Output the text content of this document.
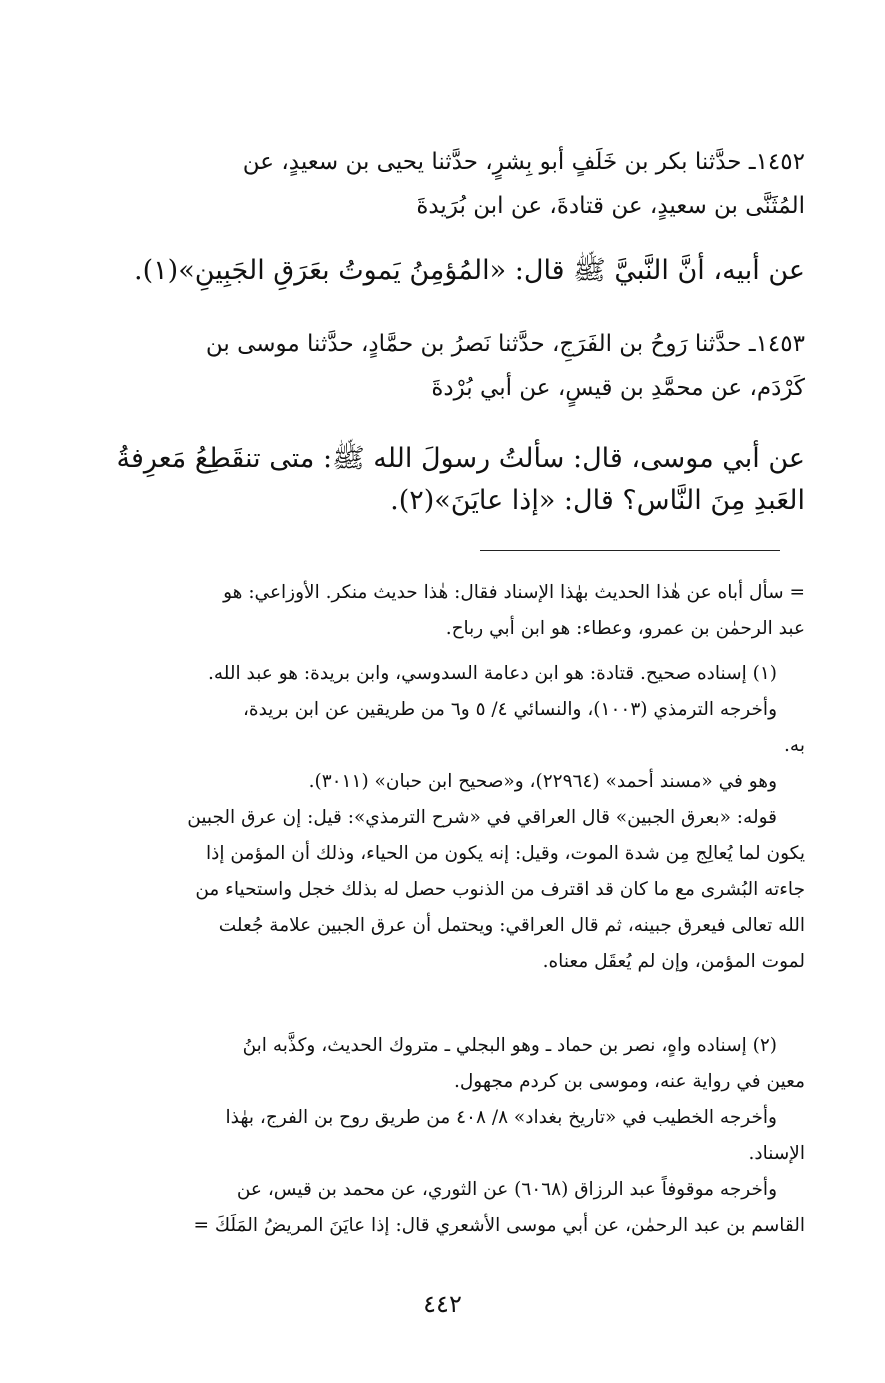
١٤٥٢ـ حدَّثنا بكر بن خَلَفٍ أبو بِشرٍ، حدَّثنا يحيى بن سعيدٍ، عن
المُثَنَّى بن سعيدٍ، عن قتادةَ، عن ابن بُرَيدةَ
عن أبيه، أنَّ النَّبيَّ ﷺ قال: «المُؤمِنُ يَموتُ بعَرَقِ الجَبِينِ»(١).
١٤٥٣ـ حدَّثنا رَوحُ بن الفَرَجِ، حدَّثنا نَصرُ بن حمَّادٍ، حدَّثنا موسى بن
كَرْدَم، عن محمَّدِ بن قيسٍ، عن أبي بُرْدةَ
عن أبي موسى، قال: سألتُ رسولَ الله ﷺ: متى تنقَطِعُ مَعرِفةُ
العَبدِ مِنَ النَّاس؟ قال: «إذا عايَنَ»(٢).
= سأل أباه عن هٰذا الحديث بهٰذا الإسناد فقال: هٰذا حديث منكر. الأوزاعي: هو
عبد الرحمٰن بن عمرو، وعطاء: هو ابن أبي رباح.
(١) إسناده صحيح. قتادة: هو ابن دعامة السدوسي، وابن بريدة: هو عبد الله.
وأخرجه الترمذي (١٠٠٣)، والنسائي ٤/ ٥ و٦ من طريقين عن ابن بريدة،
به.
وهو في «مسند أحمد» (٢٢٩٦٤)، و«صحيح ابن حبان» (٣٠١١).
قوله: «بعرق الجبين» قال العراقي في «شرح الترمذي»: قيل: إن عرق الجبين
يكون لما يُعالِج مِن شدة الموت، وقيل: إنه يكون من الحياء، وذلك أن المؤمن إذا
جاءته البُشرى مع ما كان قد اقترف من الذنوب حصل له بذلك خجل واستحياء من
الله تعالى فيعرق جبينه، ثم قال العراقي: ويحتمل أن عرق الجبين علامة جُعلت
لموت المؤمن، وإن لم يُعقَل معناه.
(٢) إسناده واهٍ، نصر بن حماد ـ وهو البجلي ـ متروك الحديث، وكذَّبه ابنُ
معين في رواية عنه، وموسى بن كردم مجهول.
وأخرجه الخطيب في «تاريخ بغداد» ٨/ ٤٠٨ من طريق روح بن الفرج، بهٰذا
الإسناد.
وأخرجه موقوفاً عبد الرزاق (٦٠٦٨) عن الثوري، عن محمد بن قيس، عن
القاسم بن عبد الرحمٰن، عن أبي موسى الأشعري قال: إذا عايَنَ المريضُ المَلَكَ =
٤٤٢
